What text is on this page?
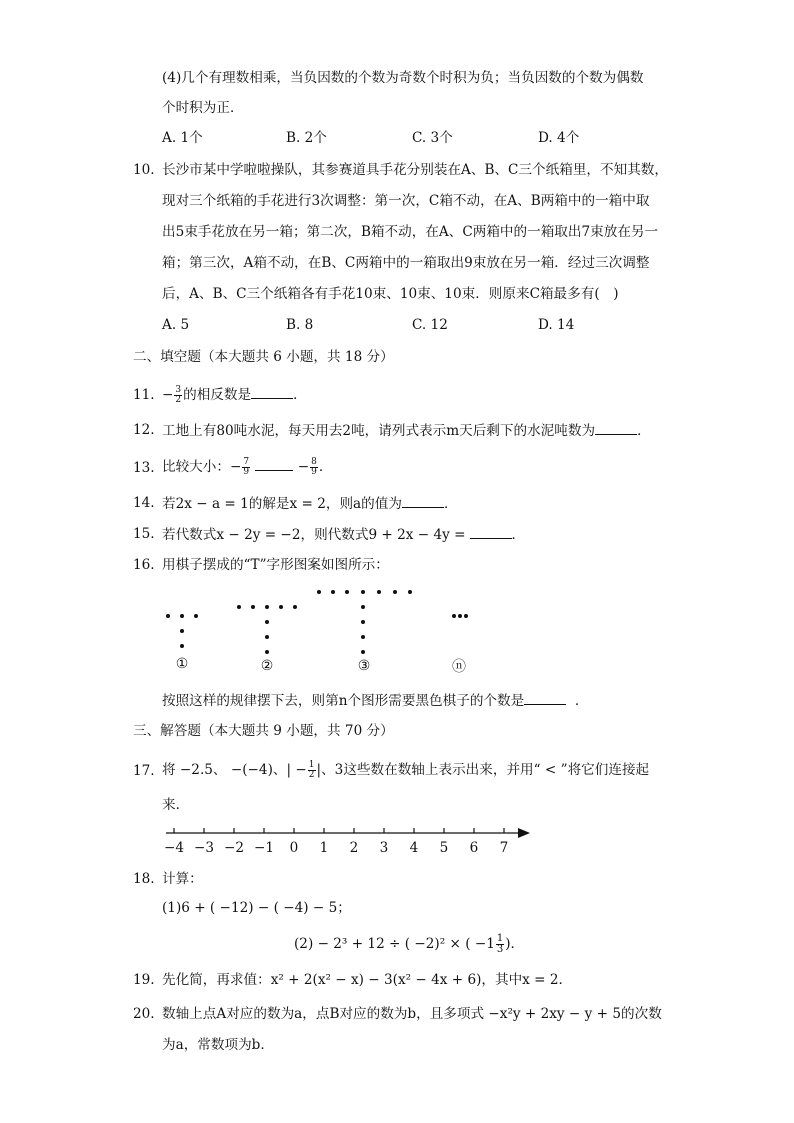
(4)几个有理数相乘，当负因数的个数为奇数个时积为负；当负因数的个数为偶数
个时积为正．
A. 1个	B. 2个	C. 3个	D. 4个
10. 长沙市某中学啦啦操队，其参赛道具手花分别装在A、B、C三个纸箱里，不知其数，
现对三个纸箱的手花进行3次调整：第一次，C箱不动，在A、B两箱中的一箱中取
出5束手花放在另一箱；第二次，B箱不动，在A、C两箱中的一箱取出7束放在另一
箱；第三次，A箱不动，在B、C两箱中的一箱取出9束放在另一箱．经过三次调整
后，A、B、C三个纸箱各有手花10束、10束、10束．则原来C箱最多有(　)
A. 5	B. 8	C. 12	D. 14
二、填空题（本大题共 6 小题，共 18 分）
11. − $\frac{3}{2}$ 的相反数是	．
12. 工地上有80吨水泥，每天用去2吨，请列式表示m天后剩下的水泥吨数为	．
13. 比较大小：− $\frac{7}{9}$	− $\frac{8}{9}$ ．
14. 若2x − a = 1的解是x = 2，则a的值为	．
15. 若代数式x − 2y = −2，则代数式9 + 2x − 4y =	．
16. 用棋子摆成的“T”字形图案如图所示：
①	②	③	ⓝ
按照这样的规律摆下去，则第n个图形需要黑色棋子的个数是	．
三、解答题（本大题共 9 小题，共 70 分）
17. 将 −2.5、 −(−4)、| − $\frac{1}{2}$ |、3这些数在数轴上表示出来，并用“ < ”将它们连接起
来．
−4 −3 −2 −1	0	1	2	3	4	5	6	7
18. 计算：
(1)6 + ( −12) − ( −4) − 5；
(2) − 2³ + 12 ÷ ( −2)² × ( $-1 \frac{1}{3}$ )．
19. 先化简，再求值：x² + 2(x² − x) − 3(x² − 4x + 6)，其中x = 2．
20. 数轴上点A对应的数为a，点B对应的数为b，且多项式 −x²y + 2xy − y + 5的次数
为a，常数项为b．
